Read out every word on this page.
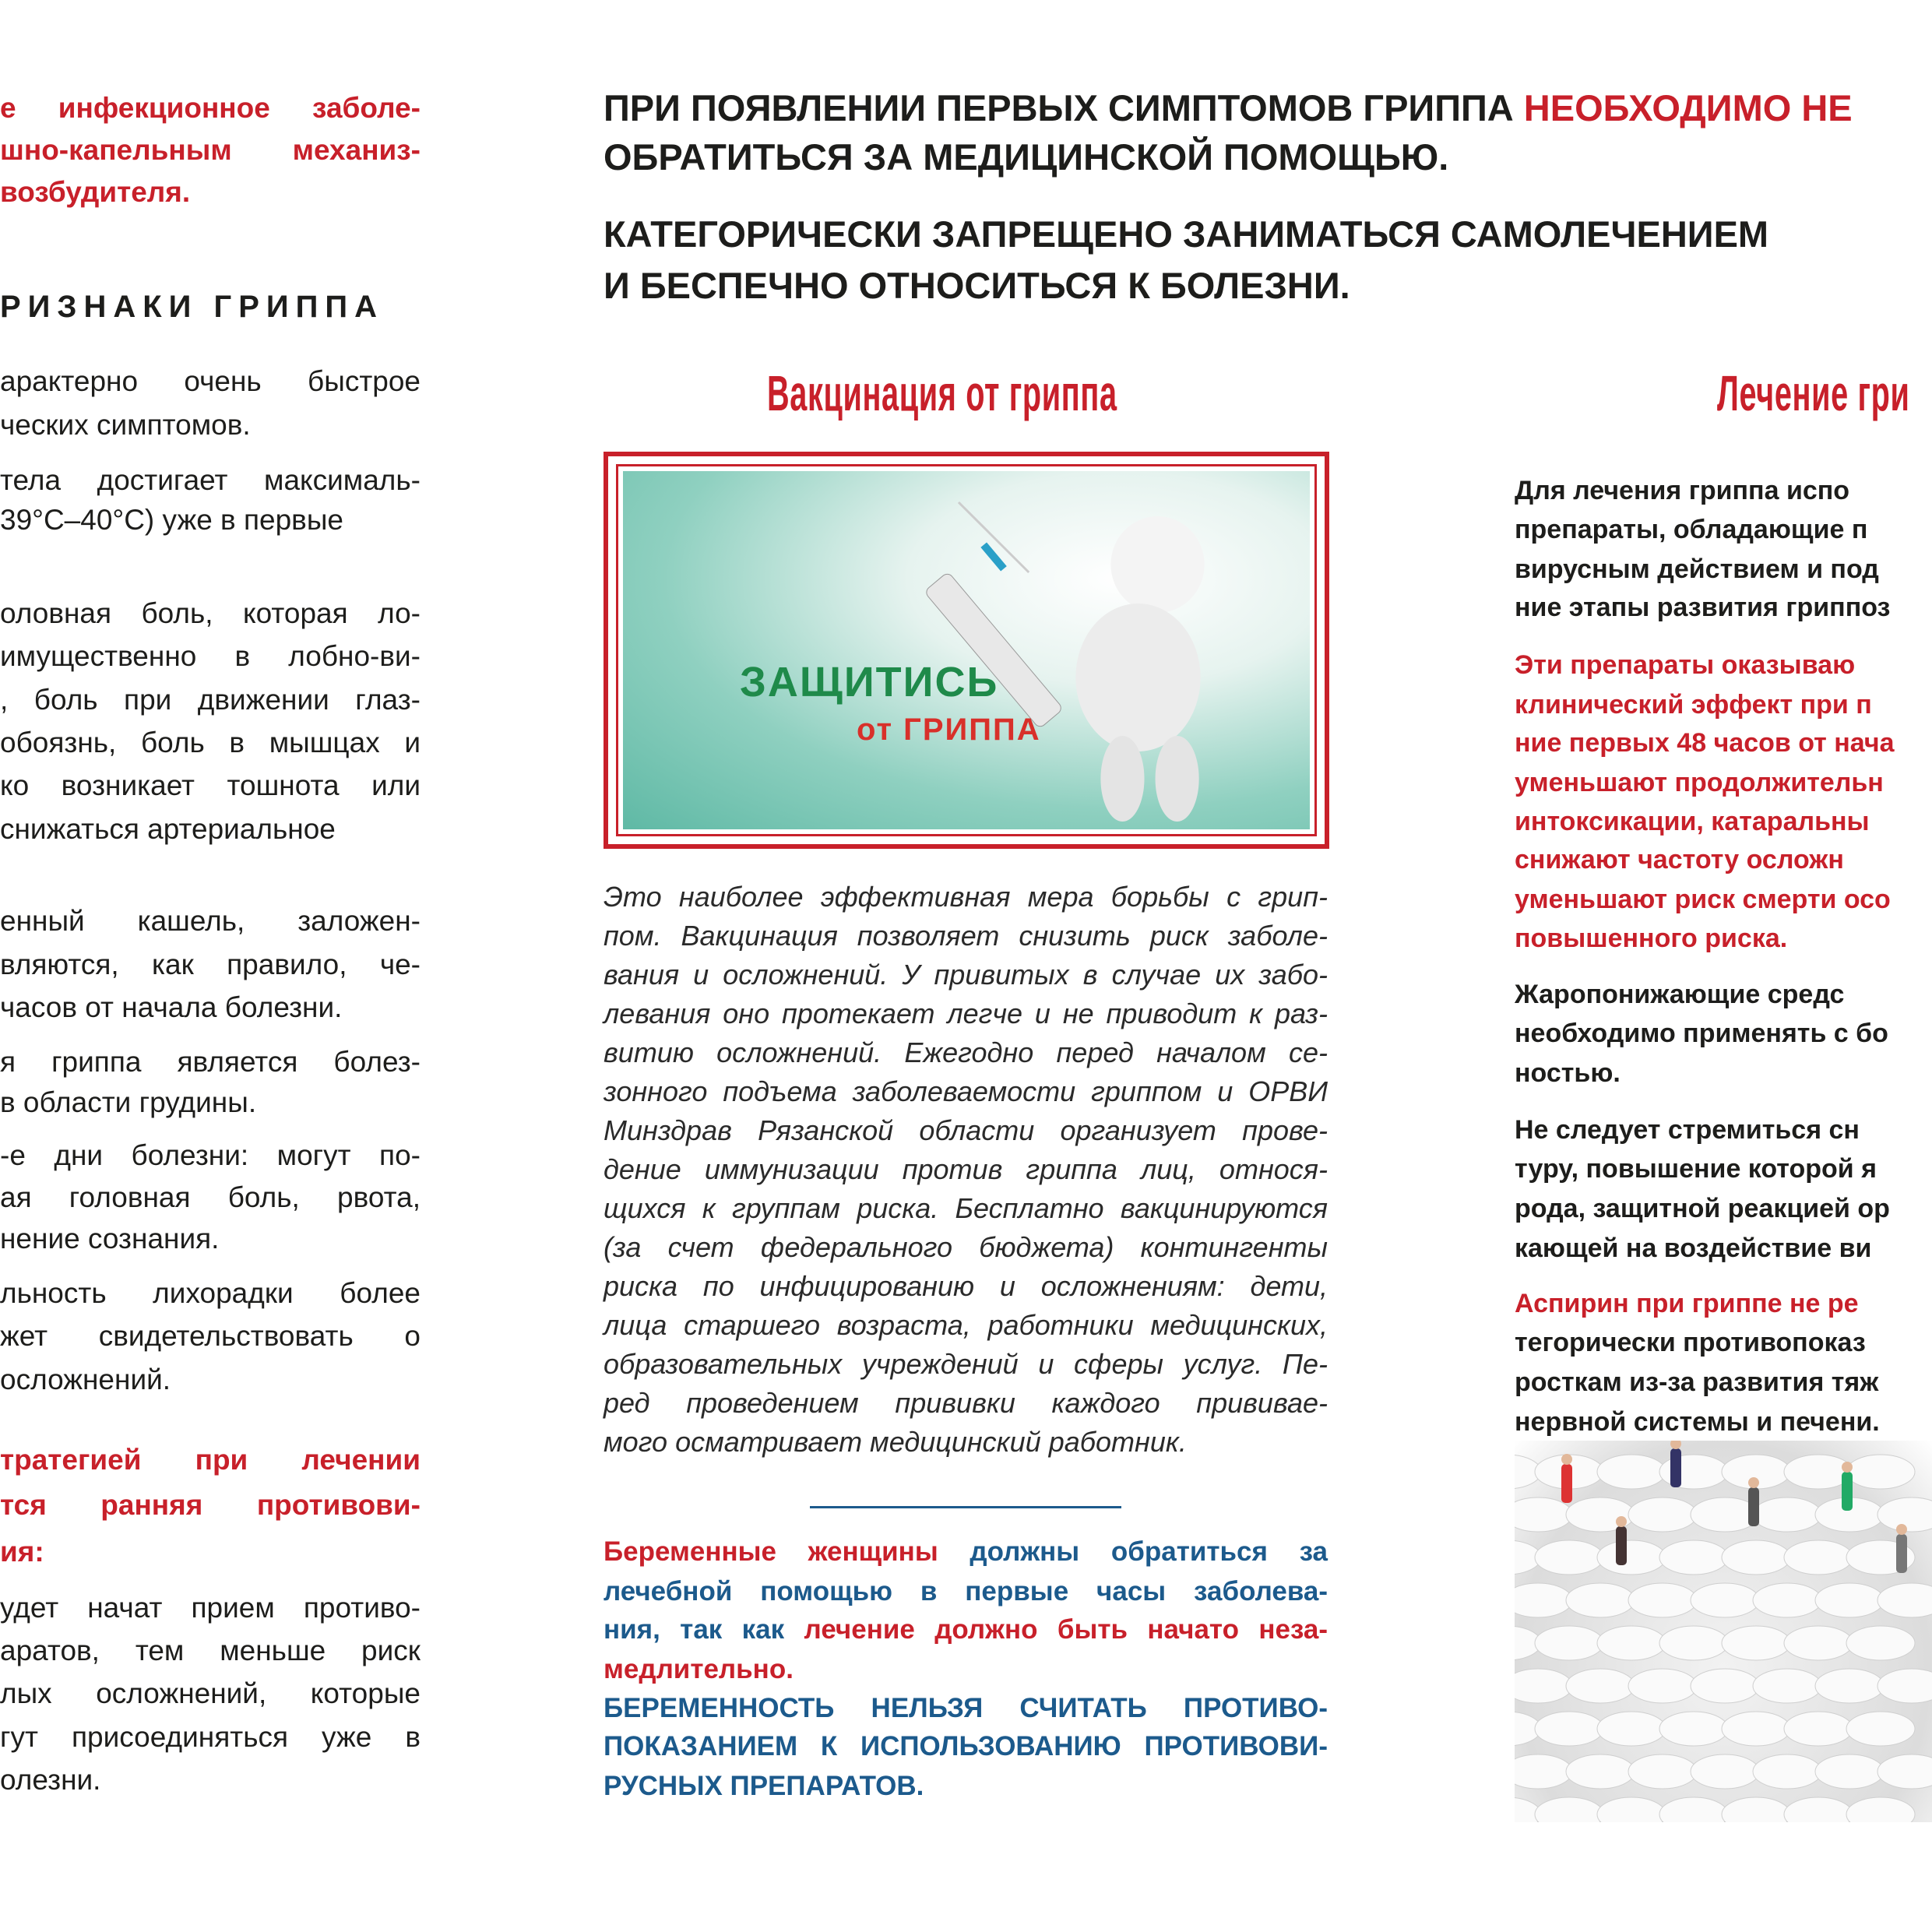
е инфекционное заболе-
шно-капельным механиз-
возбудителя.
арактерно очень быстрое
ческих симптомов.
тела достигает максималь-
39°C–40°C) уже в первые
оловная боль, которая ло-
имущественно в лобно-ви-
, боль при движении глаз-
обоязнь, боль в мышцах и
ко возникает тошнота или
снижаться артериальное
енный кашель, заложен-
вляются, как правило, че-
часов от начала болезни.
я гриппа является болез-
в области грудины.
-е дни болезни: могут по-
ая головная боль, рвота,
нение сознания.
льность лихорадки более
жет свидетельствовать о
осложнений.
тратегией при лечении
тся ранняя противови-
ия:
удет начат прием противо-
аратов, тем меньше риск
лых осложнений, которые
гут присоединяться уже в
олезни.
РИЗНАКИ ГРИППА
ПРИ ПОЯВЛЕНИИ ПЕРВЫХ СИМПТОМОВ ГРИППА НЕОБХОДИМО НЕ
ОБРАТИТЬСЯ ЗА МЕДИЦИНСКОЙ ПОМОЩЬЮ.
КАТЕГОРИЧЕСКИ ЗАПРЕЩЕНО ЗАНИМАТЬСЯ САМОЛЕЧЕНИЕМ
И БЕСПЕЧНО ОТНОСИТЬСЯ К БОЛЕЗНИ.
Вакцинация от гриппа
ЗАЩИТИСЬ
от ГРИППА
Это наиболее эффективная мера борьбы с грип-
пом. Вакцинация позволяет снизить риск заболе-
вания и осложнений. У привитых в случае их забо-
левания оно протекает легче и не приводит к раз-
витию осложнений. Ежегодно перед началом се-
зонного подъема заболеваемости гриппом и ОРВИ
Минздрав Рязанской области организует прове-
дение иммунизации против гриппа лиц, относя-
щихся к группам риска. Бесплатно вакцинируются
(за счет федерального бюджета) контингенты
риска по инфицированию и осложнениям: дети,
лица старшего возраста, работники медицинских,
образовательных учреждений и сферы услуг. Пе-
ред проведением прививки каждого прививае-
мого осматривает медицинский работник.
Беременные женщины должны обратиться за
лечебной помощью в первые часы заболева-
ния, так как лечение должно быть начато неза-
медлительно.
БЕРЕМЕННОСТЬ НЕЛЬЗЯ СЧИТАТЬ ПРОТИВО-
ПОКАЗАНИЕМ К ИСПОЛЬЗОВАНИЮ ПРОТИВОВИ-
РУСНЫХ ПРЕПАРАТОВ.
Лечение гри
Для лечения гриппа испо
препараты, обладающие п
вирусным действием и под
ние этапы развития гриппоз
Эти препараты оказываю
клинический эффект при п
ние первых 48 часов от нача
уменьшают продолжительн
интоксикации, катаральны
снижают частоту осложн
уменьшают риск смерти осо
повышенного риска.
Жаропонижающие средс
необходимо применять с бо
ностью.
Не следует стремиться сн
туру, повышение которой я
рода, защитной реакцией ор
кающей на воздействие ви
Аспирин при гриппе не ре
тегорически противопоказ
росткам из-за развития тяж
нервной системы и печени.
